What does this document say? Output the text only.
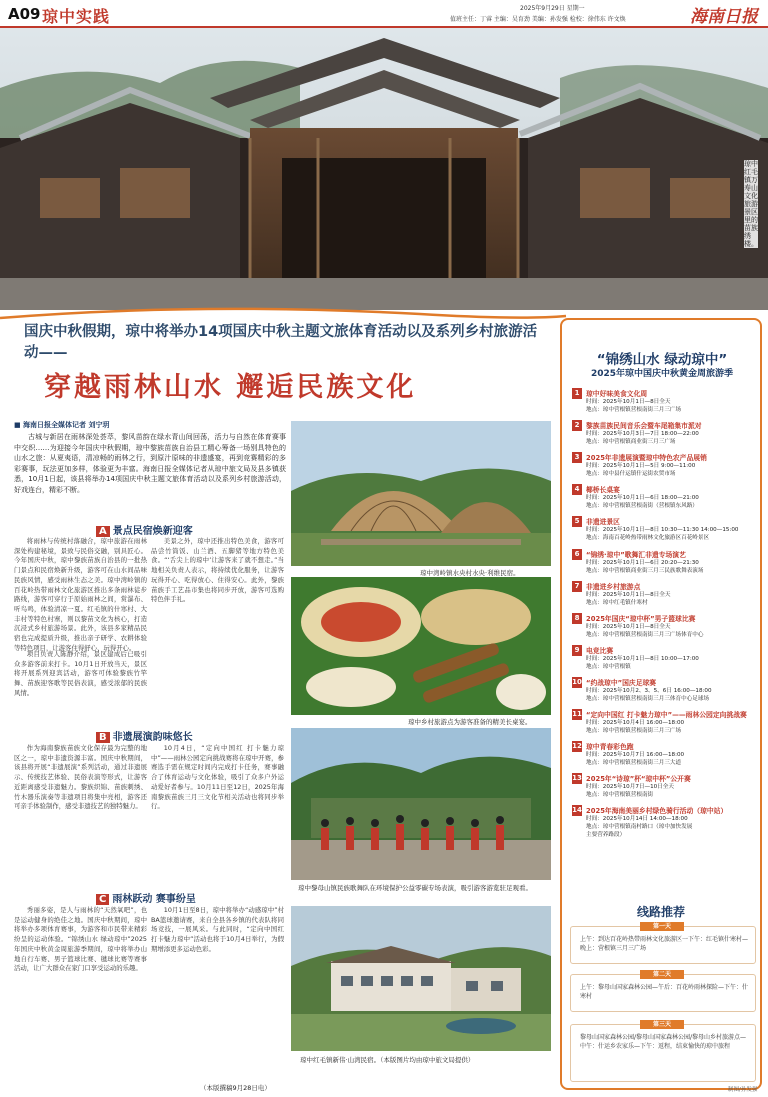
A09 琼中实践	2025年9月29日 星期一
值班主任：丁睿 主编：吴育劲 美编：孙发强 检校：徐伟东 许文焕	海南日报
琼中红毛镇万寿山文化旅游景区里的苗族绣楼。
国庆中秋假期，琼中将举办14项国庆中秋主题文旅体育活动以及系列乡村旅游活动——
穿越雨林山水 邂逅民族文化
■ 海南日报全媒体记者 刘宁玥
古城与新居在雨林深处荟萃，黎风苗韵在绿水青山间回荡，活力与自然在体育赛事中交织……为迎接今年国庆中秋假期，琼中黎族苗族自治县工精心筹备一场别具特色的山水之旅：从夏夷语，清凉畅的雨林之行，到原汁原味的非遗盛宴，再到竞赛精彩的多彩赛事，玩法更加多样，体验更为丰富。海南日报全媒体记者从琼中旅文局及县多镇获悉，10月1日起，该县将举办14项国庆中秋主题文旅体育活动以及系列乡村旅游活动，好戏连台，精彩不断。
A 景点民宿焕新迎客

将雨林与传统村落融合，琼中旅游在雨林深处构建秘境，景致与民俗交融，别具匠心。今年国庆中秋，琼中黎族苗族自治县的一批热门景点和民宿焕新升级，游客可在山水间品味民族风情，感受雨林生态之美。琼中湾岭镇的百花岭热带雨林文化旅游区推出多条雨林徒步路线，游客可穿行于原始雨林之间，赏瀑布、听鸟鸣，体验清凉一夏。红毛镇的什寒村、大丰村等特色村寨，则以黎苗文化为核心，打造沉浸式乡村旅游场景。此外，该县多家精品民宿也完成提质升级，推出亲子研学、农耕体验等特色项目，让游客住得舒心、玩得开心。

美景之外，琼中还推出特色美食，游客可品尝竹筒饭、山兰酒、五脚猪等地方特色美食。“‘舌尖上的琼中’让游客来了就不想走。”当地相关负责人表示，将持续优化服务，让游客玩得开心、吃得放心、住得安心。此外，黎族苗族手工艺品市集也将同步开放，游客可选购特色伴手礼。

项目负责人陈静介绍，景区建成后已吸引众多游客前来打卡。10月1日开放当天，景区将开展系列迎宾活动，游客可体验黎族竹竿舞、苗族迎客歌等民俗表演，感受浓郁的民族风情。

B 非遗展演韵味悠长

作为海南黎族苗族文化保存最为完整的地区之一，琼中非遗资源丰富。国庆中秋期间，该县将开展“非遗展演”系列活动，通过非遗展示、传统技艺体验、民俗表演等形式，让游客近距离感受非遗魅力。黎族织锦、苗族刺绣、竹木器乐演奏等非遗项目将集中亮相，游客还可亲手体验制作，感受非遗技艺的独特魅力。

10月4日，“定向中国红 打卡魅力琼中”——雨林公园定向挑战赛将在琼中开赛，参赛选手需在规定时间内完成打卡任务，赛事融合了体育运动与文化体验，吸引了众多户外运动爱好者参与。10月11日至12日，2025年海南黎族苗族三月三文化节相关活动也将同步举行。

C 雨林跃动 赛事纷呈

秀丽多姿，是人与雨林的“天然氧吧”，也是运动健身的绝佳之地。国庆中秋期间，琼中将举办多项体育赛事，为游客和市民带来精彩纷呈的运动体验。“锦绣山水 绿动琼中”2025年国庆中秋黄金周旅游季期间，琼中将举办山地自行车赛、男子篮球比赛、毽球比赛等赛事活动，让广大群众在家门口享受运动的乐趣。

10月1日至8日，琼中将举办“动感琼中”村BA篮球邀请赛，来自全县各乡镇的代表队将同场竞技，一展风采。与此同时，“定向中国红 打卡魅力琼中”活动也将于10月4日举行，为假期增添更多运动色彩。

（本版撰稿9月28日电）
琼中湾岭镇水央村水央·利维民宿。
琼中乡村旅游点为游客准备的精美长桌宴。
琼中黎母山镇民族歌舞队在环境保护公益零碳专场表演，吸引游客游览驻足观看。
琼中红毛镇新伟·山湾民宿。（本版图片均由琼中旅文局提供）
“锦绣山水 绿动琼中”
2025年琼中国庆中秋黄金周旅游季
1 琼中好味美食文化周
时间：2025年10月1日—8日全天
地点：琼中营根镇营根南街三月三广场
2 黎族苗族民间音乐会暨车尾箱集市派对
时间：2025年10月3日—7日 18:00—22:00
地点：琼中营根镇商业街三月三广场
3 2025年非遗展演暨琼中特色农产品展销
时间：2025年10月1日—5日 9:00—11:00
地点：琼中县什运镇什运街农贸市场
4 椰桥长桌宴
时间：2025年10月1日—6日 18:00—21:00
地点：琼中营根镇营根南街（营根镇东风路）
5 非遗进景区
时间：2025年10月1日—8日 10:30—11:30 14:00—15:00
地点：海南百花岭热带雨林文化旅游区百花岭景区
6 “锦绣·琼中”歌舞汇非遗专场演艺
时间：2025年10月1日—6日 20:20—21:30
地点：琼中营根镇商业街三月三民族歌舞表演场
7 非遗进乡村旅游点
时间：2025年10月1日—8日全天
地点：琼中红毛镇什寒村
8 2025年国庆“琼中杯”男子篮球比赛
时间：2025年10月1日—8日全天
地点：琼中营根镇营根南街三月三广场体育中心
9 电竞比赛
时间：2025年10月1日—8日 10:00—17:00
地点：琼中营根镇
10 “约战琼中”国庆足球赛
时间：2025年10月2、3、5、6日 16:00—18:00
地点：琼中营根镇营根南街三月三体育中心足球场
11 “定向中国红 打卡魅力琼中”——雨林公园定向挑战赛
时间：2025年10月4日 16:00—18:00
地点：琼中营根镇营根南街三月三广场
12 琼中青春彩色跑
时间：2025年10月7日 16:00—18:00
地点：琼中营根镇营根南街三月三大道
13 2025年“诗琼”杯“琼中杯”公开赛
时间：2025年10月7日—10日全天
地点：琼中营根镇营根南街
14 2025年海南美丽乡村绿色骑行活动（琼中站）
时间：2025年10月14日 14:00—18:00
地点：琼中营根镇南村路口（琼中加快发展
主要营养路段）
线路推荐
第一天
上午：到达百花岭热带雨林文化旅游区一下午：红毛镇什寒村—晚上：营根镇三月三广场
第二天
上午：黎母山国家森林公园—午后：百花岭雨林探险—下午：什寒村
第三天
黎母山国家森林公园/黎母山国家森林公园/黎母山乡村旅游点—中午：什运乡农家乐—下午：返程，结束愉快的琼中旅程
制图/孙发强
